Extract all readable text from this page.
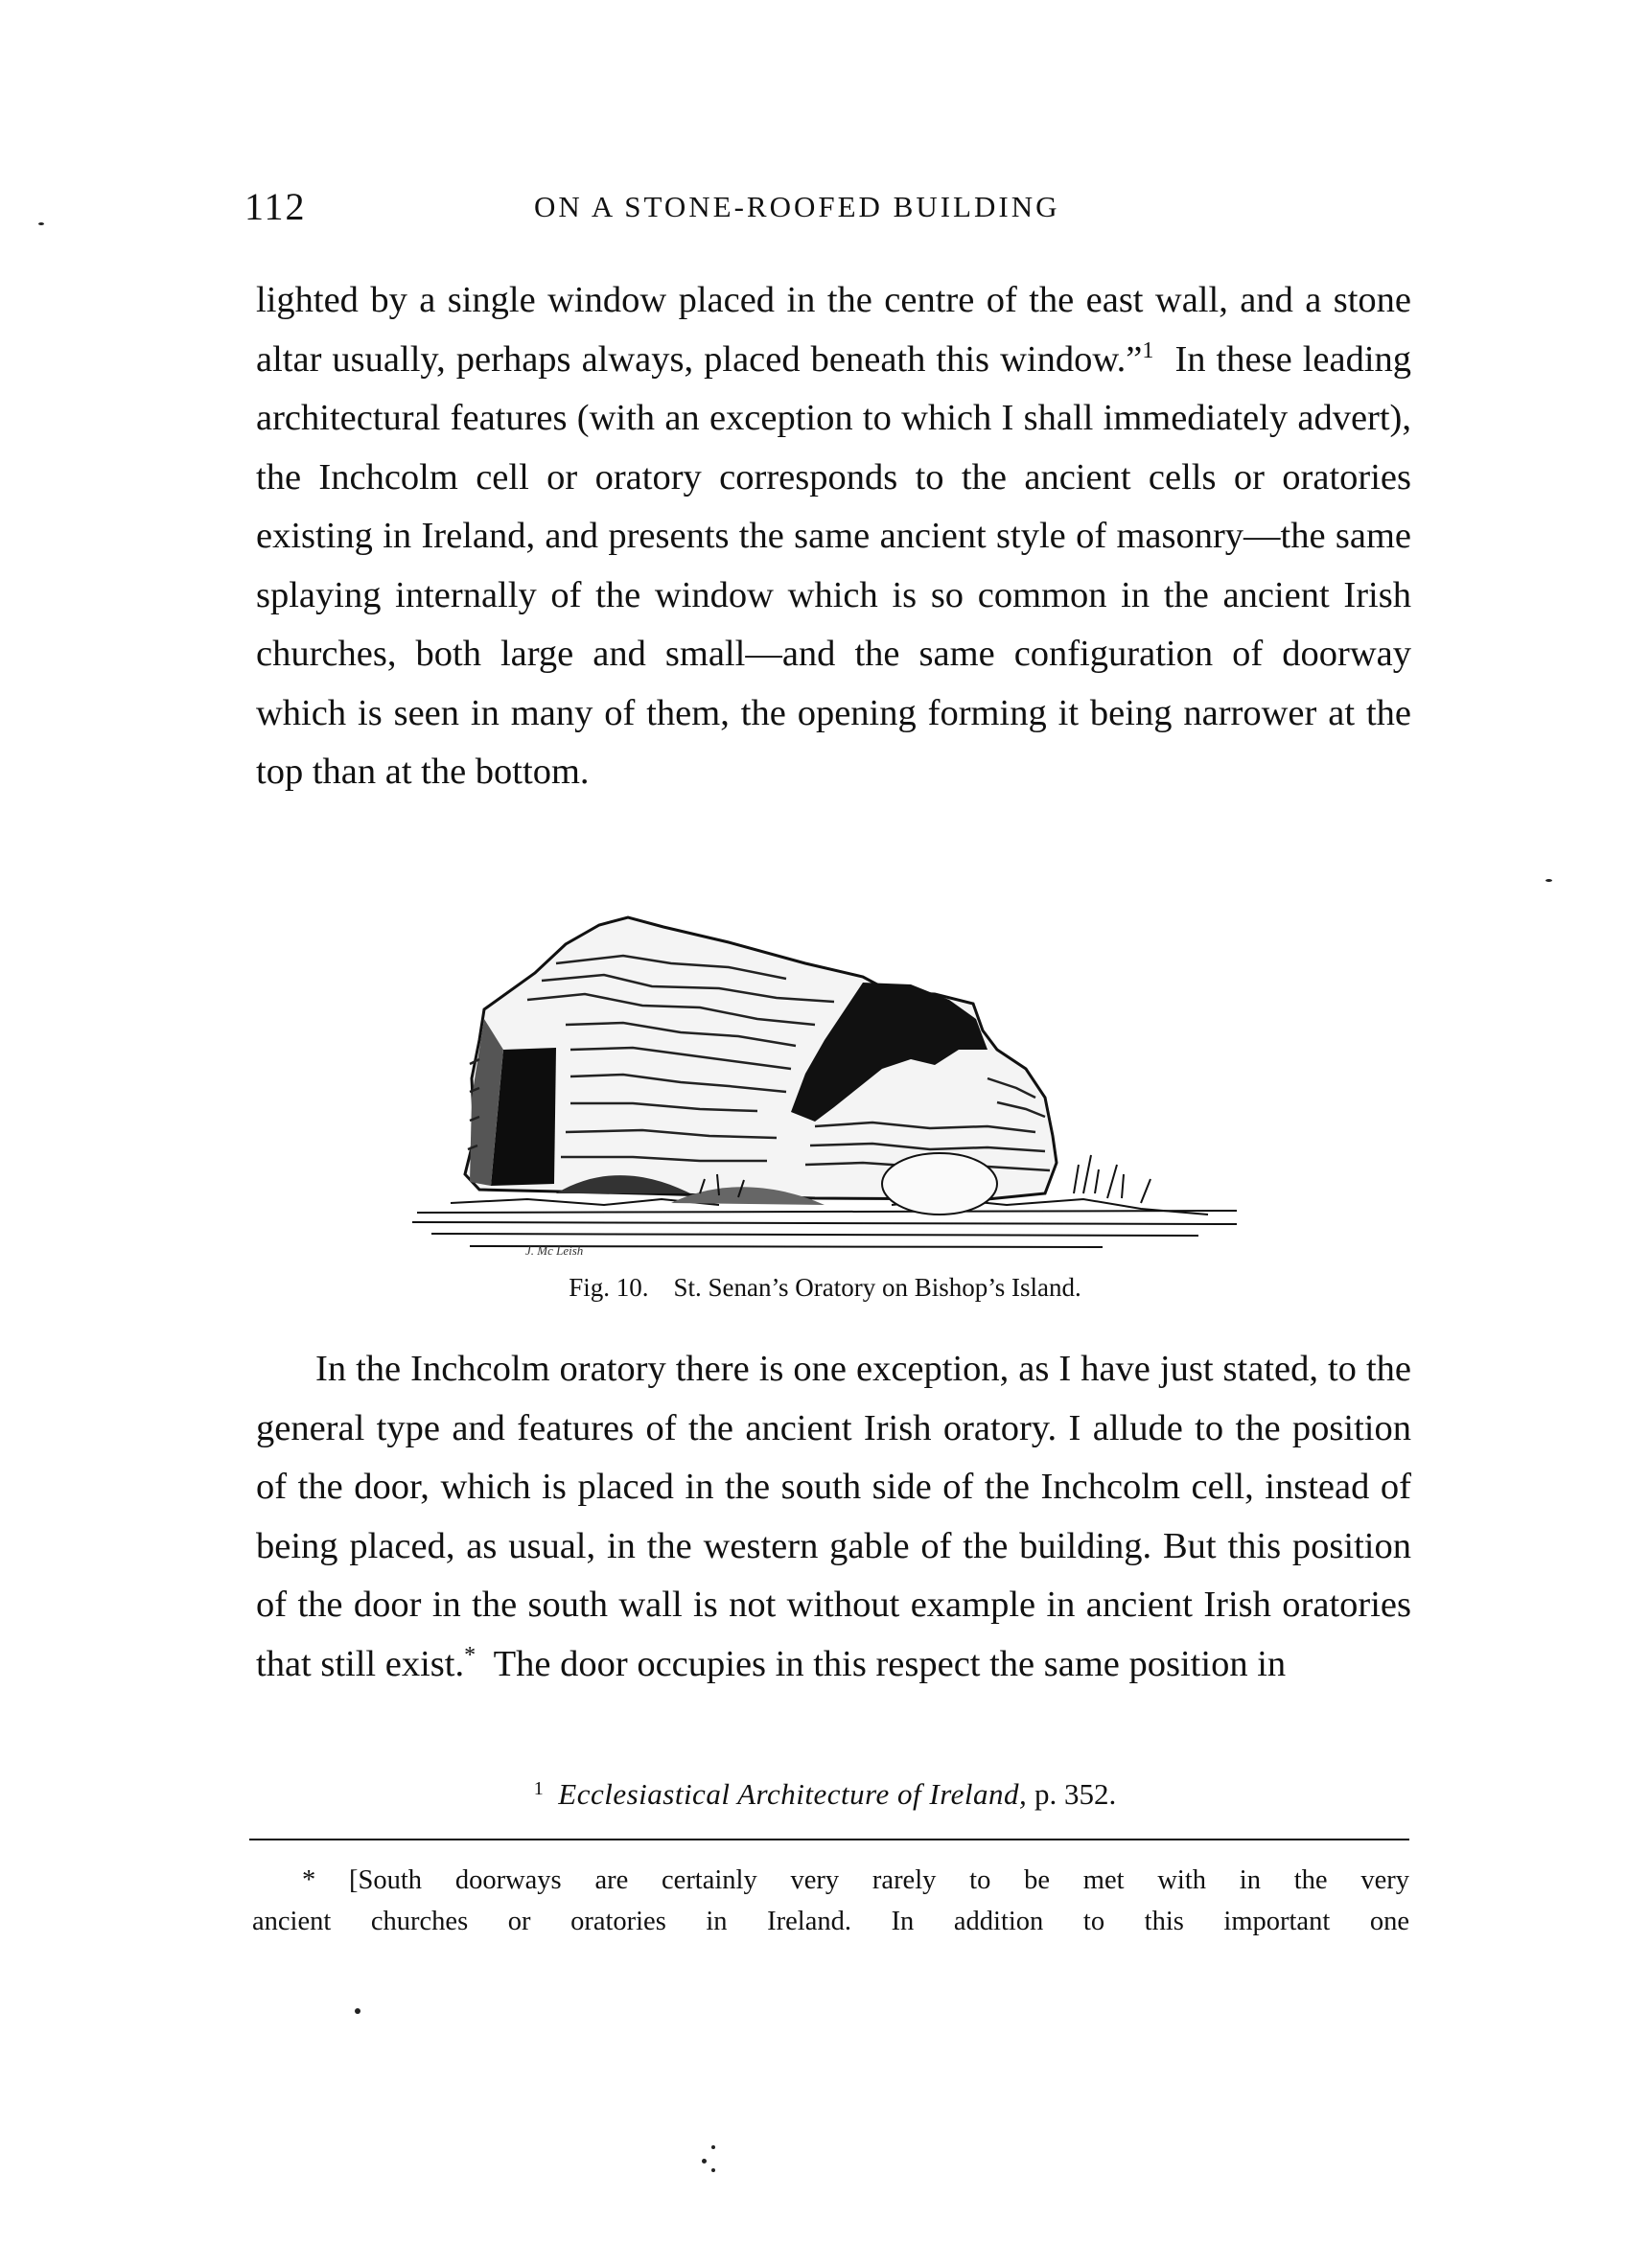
112	ON A STONE-ROOFED BUILDING

lighted by a single window placed in the centre of the east wall, and a stone altar usually, perhaps always, placed beneath this window.”$^1$ In these leading architectural features (with an exception to which I shall immediately advert), the Inchcolm cell or oratory corresponds to the ancient cells or oratories existing in Ireland, and presents the same ancient style of masonry—the same splaying internally of the window which is so common in the ancient Irish churches, both large and small—and the same configuration of doorway which is seen in many of them, the opening forming it being narrower at the top than at the bottom.

J. Mc Leish
Fig. 10. St. Senan’s Oratory on Bishop’s Island.

In the Inchcolm oratory there is one exception, as I have just stated, to the general type and features of the ancient Irish oratory. I allude to the position of the door, which is placed in the south side of the Inchcolm cell, instead of being placed, as usual, in the western gable of the building. But this position of the door in the south wall is not without example in ancient Irish oratories that still exist.* The door occupies in this respect the same position in

$^1$ Ecclesiastical Architecture of Ireland, p. 352.

* [South doorways are certainly very rarely to be met with in the very

ancient churches or oratories in Ireland. In addition to this important one
